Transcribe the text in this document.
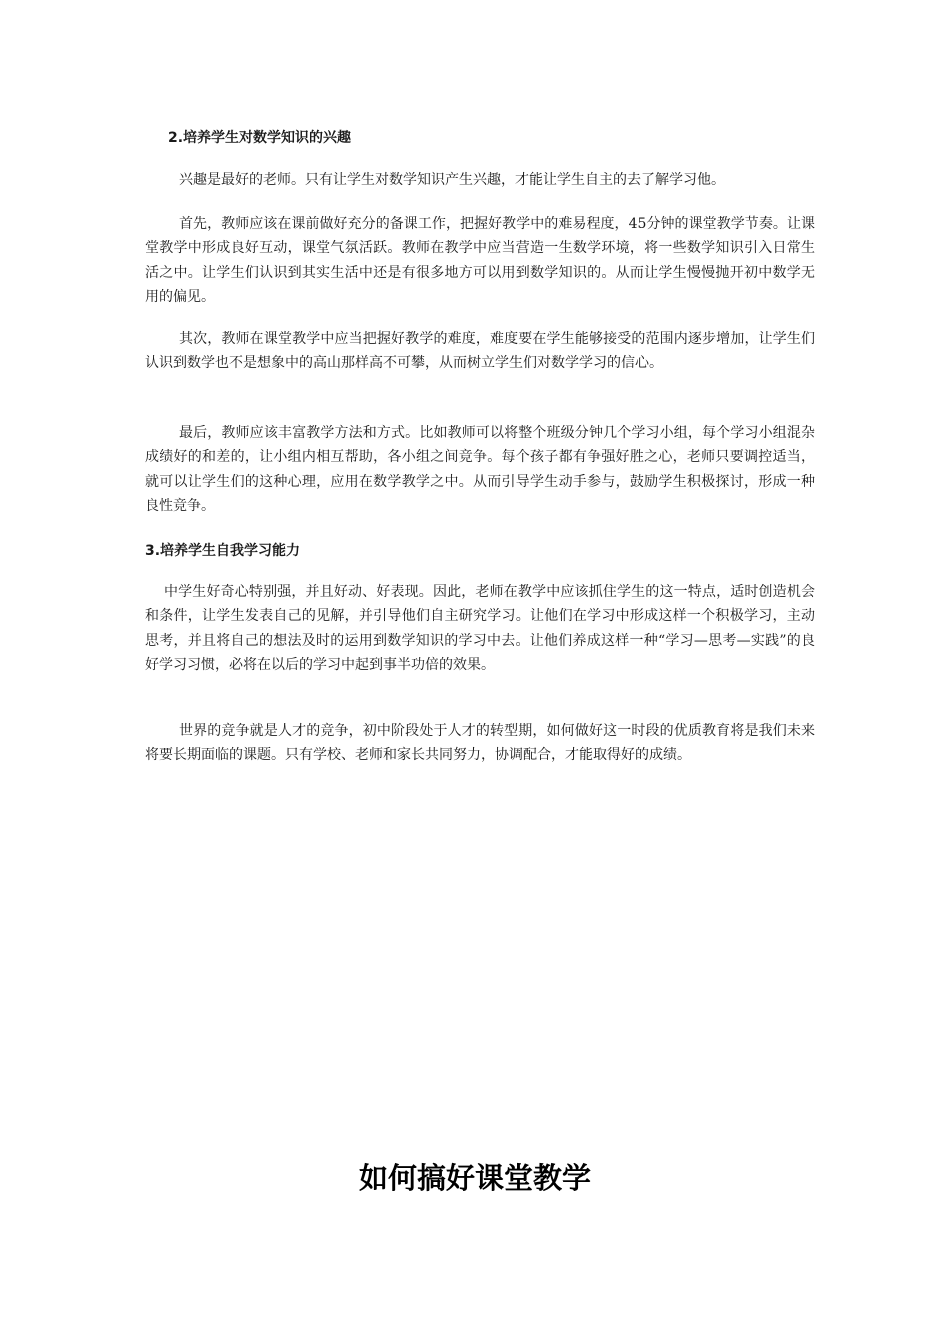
2.培养学生对数学知识的兴趣

兴趣是最好的老师。只有让学生对数学知识产生兴趣，才能让学生自主的去了解学习他。

首先，教师应该在课前做好充分的备课工作，把握好教学中的难易程度，45分钟的课堂教学节奏。让课堂教学中形成良好互动，课堂气氛活跃。教师在教学中应当营造一生数学环境，将一些数学知识引入日常生活之中。让学生们认识到其实生活中还是有很多地方可以用到数学知识的。从而让学生慢慢抛开初中数学无用的偏见。

其次，教师在课堂教学中应当把握好教学的难度，难度要在学生能够接受的范围内逐步增加，让学生们认识到数学也不是想象中的高山那样高不可攀，从而树立学生们对数学学习的信心。

最后，教师应该丰富教学方法和方式。比如教师可以将整个班级分钟几个学习小组，每个学习小组混杂成绩好的和差的，让小组内相互帮助，各小组之间竞争。每个孩子都有争强好胜之心，老师只要调控适当，就可以让学生们的这种心理，应用在数学教学之中。从而引导学生动手参与，鼓励学生积极探讨，形成一种良性竞争。

3.培养学生自我学习能力

中学生好奇心特别强，并且好动、好表现。因此，老师在教学中应该抓住学生的这一特点，适时创造机会和条件，让学生发表自己的见解，并引导他们自主研究学习。让他们在学习中形成这样一个积极学习，主动思考，并且将自己的想法及时的运用到数学知识的学习中去。让他们养成这样一种“学习—思考—实践”的良好学习习惯，必将在以后的学习中起到事半功倍的效果。

世界的竞争就是人才的竞争，初中阶段处于人才的转型期，如何做好这一时段的优质教育将是我们未来将要长期面临的课题。只有学校、老师和家长共同努力，协调配合，才能取得好的成绩。

如何搞好课堂教学
